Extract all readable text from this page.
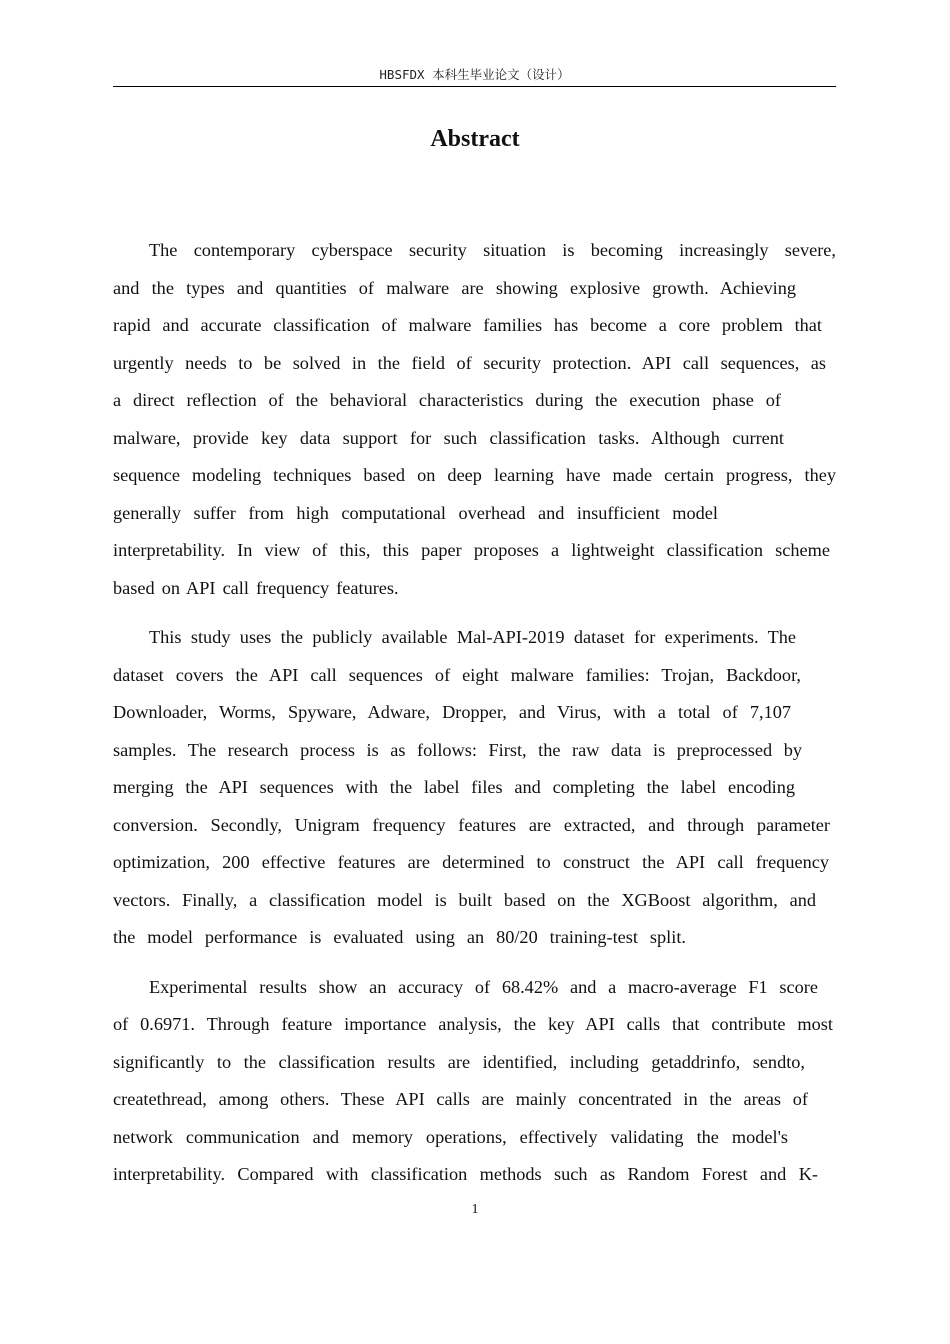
HBSFDX 本科生毕业论文（设计）
Abstract
The contemporary cyberspace security situation is becoming increasingly severe,
and the types and quantities of malware are showing explosive growth. Achieving
rapid and accurate classification of malware families has become a core problem that
urgently needs to be solved in the field of security protection. API call sequences, as
a direct reflection of the behavioral characteristics during the execution phase of
malware, provide key data support for such classification tasks. Although current
sequence modeling techniques based on deep learning have made certain progress, they
generally suffer from high computational overhead and insufficient model
interpretability. In view of this, this paper proposes a lightweight classification scheme
based on API call frequency features.
This study uses the publicly available Mal-API-2019 dataset for experiments. The
dataset covers the API call sequences of eight malware families: Trojan, Backdoor,
Downloader, Worms, Spyware, Adware, Dropper, and Virus, with a total of 7,107
samples. The research process is as follows: First, the raw data is preprocessed by
merging the API sequences with the label files and completing the label encoding
conversion. Secondly, Unigram frequency features are extracted, and through parameter
optimization, 200 effective features are determined to construct the API call frequency
vectors. Finally, a classification model is built based on the XGBoost algorithm, and
the model performance is evaluated using an 80/20 training-test split.
Experimental results show an accuracy of 68.42% and a macro-average F1 score
of 0.6971. Through feature importance analysis, the key API calls that contribute most
significantly to the classification results are identified, including getaddrinfo, sendto,
createthread, among others. These API calls are mainly concentrated in the areas of
network communication and memory operations, effectively validating the model's
interpretability. Compared with classification methods such as Random Forest and K-
1
